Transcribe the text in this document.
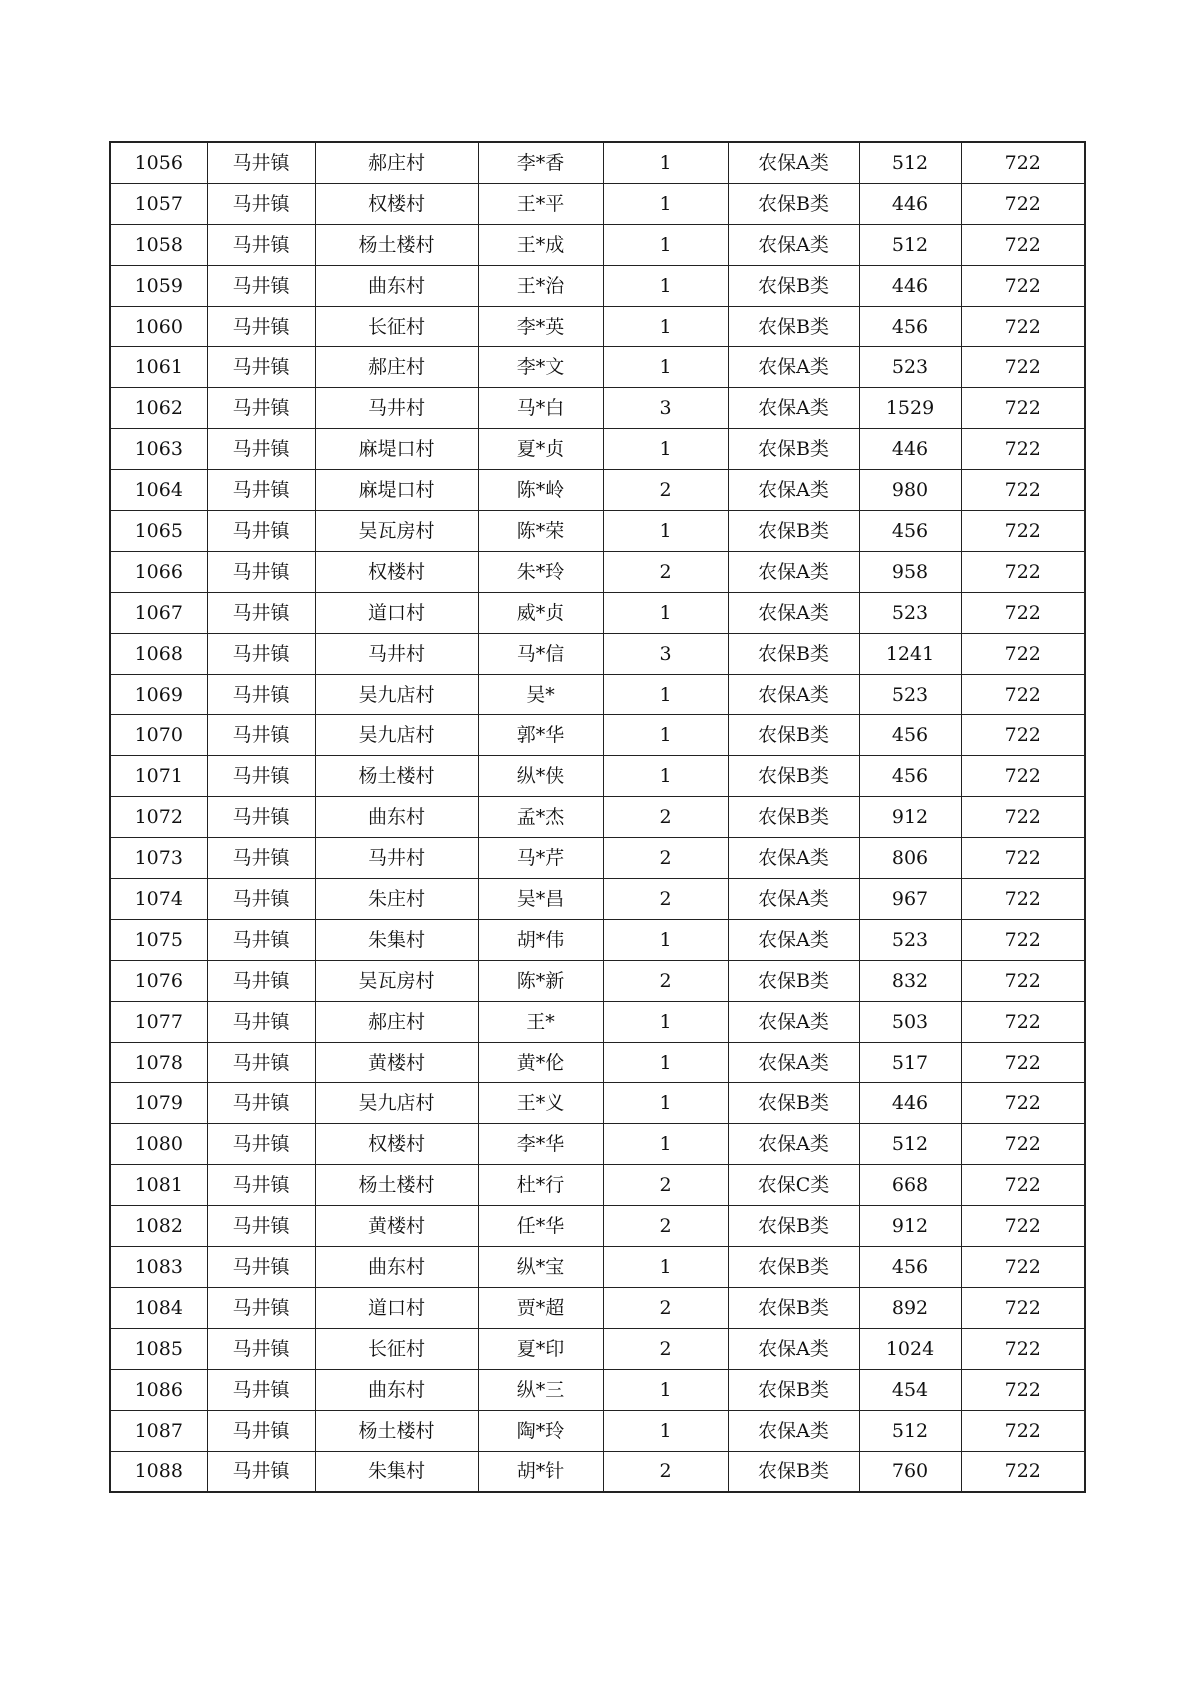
1056	马井镇	郝庄村	李*香	1	农保A类	512	722
1057	马井镇	权楼村	王*平	1	农保B类	446	722
1058	马井镇	杨土楼村	王*成	1	农保A类	512	722
1059	马井镇	曲东村	王*治	1	农保B类	446	722
1060	马井镇	长征村	李*英	1	农保B类	456	722
1061	马井镇	郝庄村	李*文	1	农保A类	523	722
1062	马井镇	马井村	马*白	3	农保A类	1529	722
1063	马井镇	麻堤口村	夏*贞	1	农保B类	446	722
1064	马井镇	麻堤口村	陈*岭	2	农保A类	980	722
1065	马井镇	吴瓦房村	陈*荣	1	农保B类	456	722
1066	马井镇	权楼村	朱*玲	2	农保A类	958	722
1067	马井镇	道口村	威*贞	1	农保A类	523	722
1068	马井镇	马井村	马*信	3	农保B类	1241	722
1069	马井镇	吴九店村	吴*	1	农保A类	523	722
1070	马井镇	吴九店村	郭*华	1	农保B类	456	722
1071	马井镇	杨土楼村	纵*侠	1	农保B类	456	722
1072	马井镇	曲东村	孟*杰	2	农保B类	912	722
1073	马井镇	马井村	马*芹	2	农保A类	806	722
1074	马井镇	朱庄村	吴*昌	2	农保A类	967	722
1075	马井镇	朱集村	胡*伟	1	农保A类	523	722
1076	马井镇	吴瓦房村	陈*新	2	农保B类	832	722
1077	马井镇	郝庄村	王*	1	农保A类	503	722
1078	马井镇	黄楼村	黄*伦	1	农保A类	517	722
1079	马井镇	吴九店村	王*义	1	农保B类	446	722
1080	马井镇	权楼村	李*华	1	农保A类	512	722
1081	马井镇	杨土楼村	杜*行	2	农保C类	668	722
1082	马井镇	黄楼村	任*华	2	农保B类	912	722
1083	马井镇	曲东村	纵*宝	1	农保B类	456	722
1084	马井镇	道口村	贾*超	2	农保B类	892	722
1085	马井镇	长征村	夏*印	2	农保A类	1024	722
1086	马井镇	曲东村	纵*三	1	农保B类	454	722
1087	马井镇	杨土楼村	陶*玲	1	农保A类	512	722
1088	马井镇	朱集村	胡*针	2	农保B类	760	722
